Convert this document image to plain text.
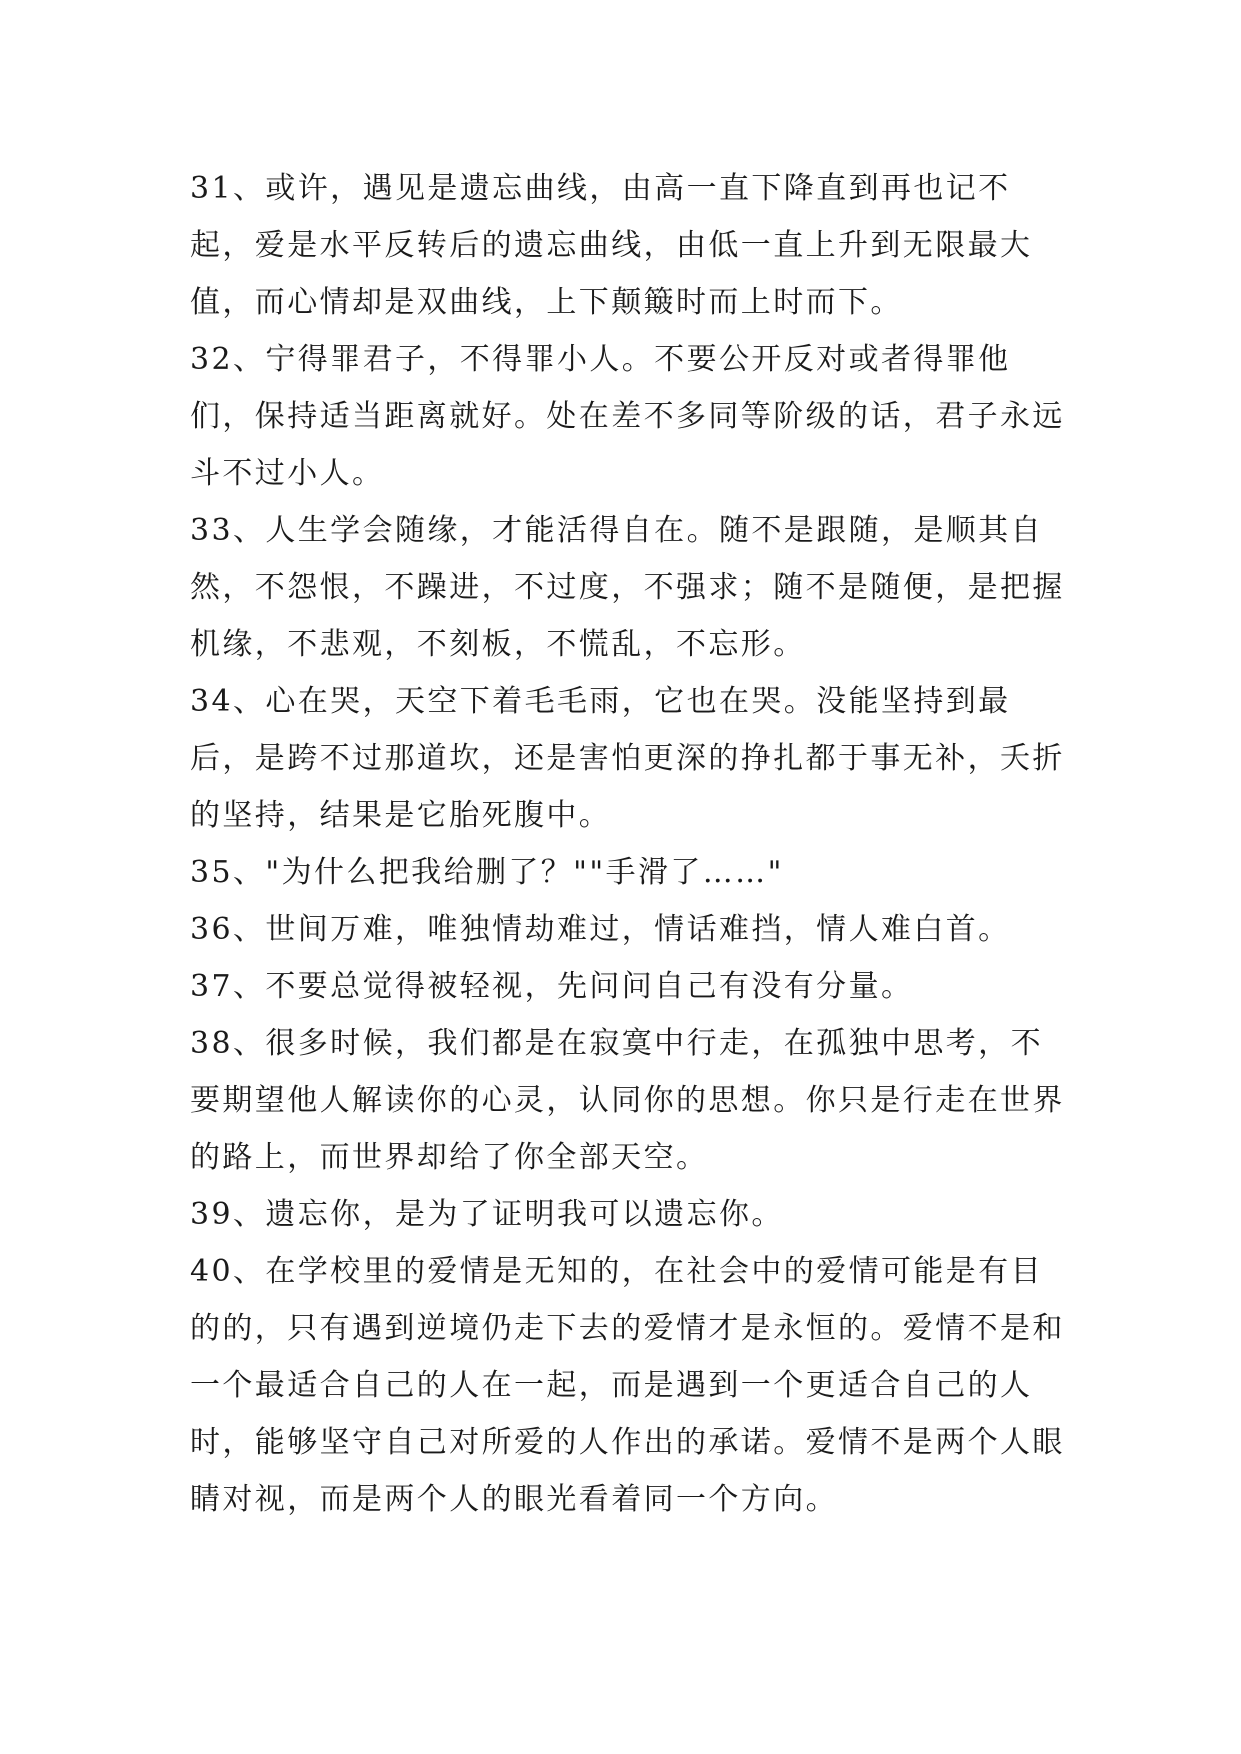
31、或许，遇见是遗忘曲线，由高一直下降直到再也记不起，爱是水平反转后的遗忘曲线，由低一直上升到无限最大值，而心情却是双曲线，上下颠簸时而上时而下。

32、宁得罪君子，不得罪小人。不要公开反对或者得罪他们，保持适当距离就好。处在差不多同等阶级的话，君子永远斗不过小人。

33、人生学会随缘，才能活得自在。随不是跟随，是顺其自然，不怨恨，不躁进，不过度，不强求；随不是随便，是把握机缘，不悲观，不刻板，不慌乱，不忘形。

34、心在哭，天空下着毛毛雨，它也在哭。没能坚持到最后，是跨不过那道坎，还是害怕更深的挣扎都于事无补，夭折的坚持，结果是它胎死腹中。

35、"为什么把我给删了？""手滑了……"

36、世间万难，唯独情劫难过，情话难挡，情人难白首。

37、不要总觉得被轻视，先问问自己有没有分量。

38、很多时候，我们都是在寂寞中行走，在孤独中思考，不要期望他人解读你的心灵，认同你的思想。你只是行走在世界的路上，而世界却给了你全部天空。

39、遗忘你，是为了证明我可以遗忘你。

40、在学校里的爱情是无知的，在社会中的爱情可能是有目的的，只有遇到逆境仍走下去的爱情才是永恒的。爱情不是和一个最适合自己的人在一起，而是遇到一个更适合自己的人时，能够坚守自己对所爱的人作出的承诺。爱情不是两个人眼睛对视，而是两个人的眼光看着同一个方向。
